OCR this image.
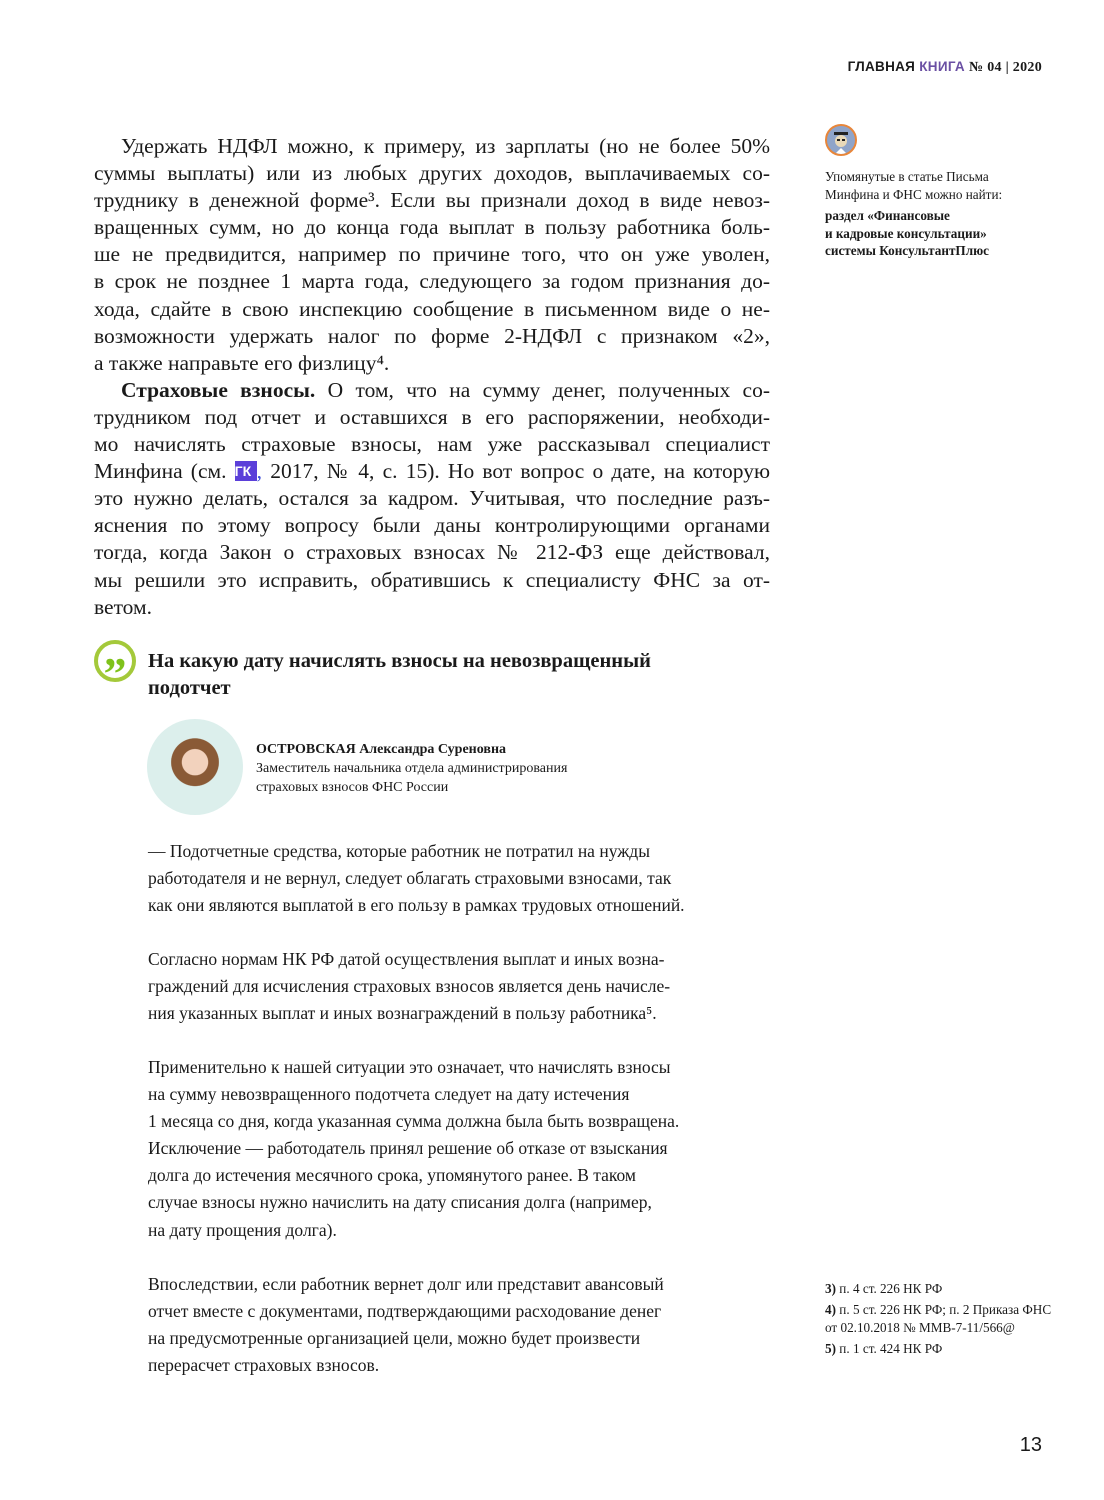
ГЛАВНАЯ КНИГА № 04 | 2020
Удержать НДФЛ можно, к примеру, из зарплаты (но не более 50%
суммы выплаты) или из любых других доходов, выплачиваемых со-
труднику в денежной форме³. Если вы признали доход в виде невоз-
вращенных сумм, но до конца года выплат в пользу работника боль-
ше не предвидится, например по причине того, что он уже уволен,
в срок не позднее 1 марта года, следующего за годом признания до-
хода, сдайте в свою инспекцию сообщение в письменном виде о не-
возможности удержать налог по форме 2-НДФЛ с признаком «2»,
а также направьте его физлицу⁴.
Страховые взносы. О том, что на сумму денег, полученных со-
трудником под отчет и оставшихся в его распоряжении, необходи-
мо начислять страховые взносы, нам уже рассказывал специалист
Минфина (см. ГК , 2017, № 4, с. 15). Но вот вопрос о дате, на которую
это нужно делать, остался за кадром. Учитывая, что последние разъ-
яснения по этому вопросу были даны контролирующими органами
тогда, когда Закон о страховых взносах № 212-ФЗ еще действовал,
мы решили это исправить, обратившись к специалисту ФНС за от-
ветом.
”	На какую дату начислять взносы на невозвращенный
подотчет
ОСТРОВСКАЯ Александра Суреновна
Заместитель начальника отдела администрирования
страховых взносов ФНС России
— Подотчетные средства, которые работник не потратил на нужды
работодателя и не вернул, следует облагать страховыми взносами, так
как они являются выплатой в его пользу в рамках трудовых отношений.
Согласно нормам НК РФ датой осуществления выплат и иных возна-
граждений для исчисления страховых взносов является день начисле-
ния указанных выплат и иных вознаграждений в пользу работника⁵.
Применительно к нашей ситуации это означает, что начислять взносы
на сумму невозвращенного подотчета следует на дату истечения
1 месяца со дня, когда указанная сумма должна была быть возвращена.
Исключение — работодатель принял решение об отказе от взыскания
долга до истечения месячного срока, упомянутого ранее. В таком
случае взносы нужно начислить на дату списания долга (например,
на дату прощения долга).
Впоследствии, если работник вернет долг или представит авансовый
отчет вместе с документами, подтверждающими расходование денег
на предусмотренные организацией цели, можно будет произвести
перерасчет страховых взносов.
Упомянутые в статье Письма
Минфина и ФНС можно найти:
раздел «Финансовые
и кадровые консультации»
системы КонсультантПлюс
3) п. 4 ст. 226 НК РФ
4) п. 5 ст. 226 НК РФ; п. 2 Приказа ФНС от 02.10.2018 № ММВ-7-11/566@
5) п. 1 ст. 424 НК РФ
13
